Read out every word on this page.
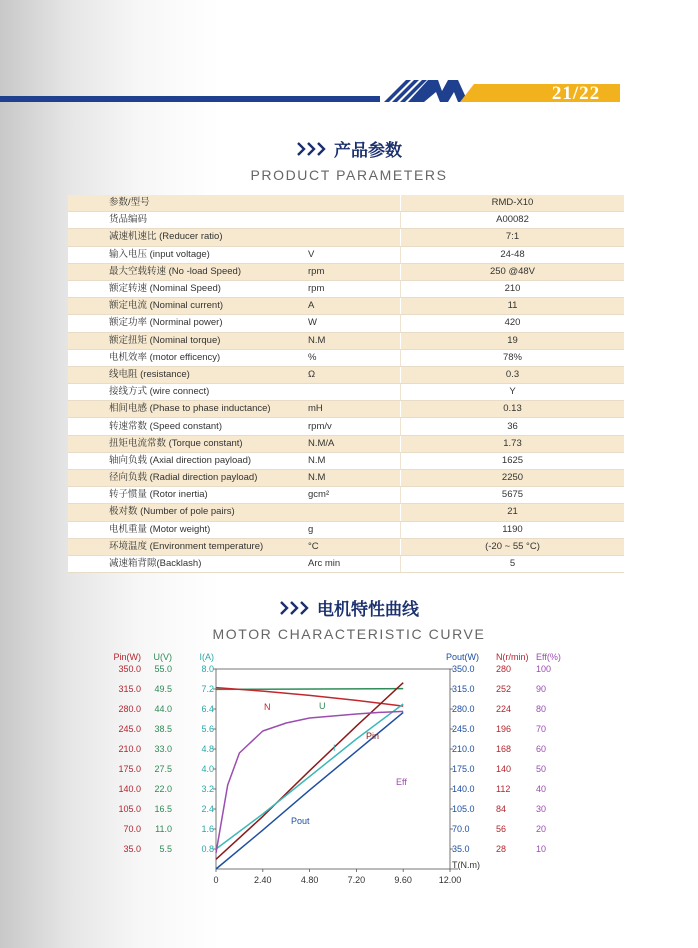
21/22
产品参数
PRODUCT PARAMETERS
参数/型号		RMD-X10
货品编码		A00082
减速机速比 (Reducer ratio)		7:1
输入电压 (input voltage)	V	24-48
最大空载转速 (No -load Speed)	rpm	250 @48V
额定转速 (Nominal Speed)	rpm	210
额定电流 (Nominal current)	A	11
额定功率 (Norminal power)	W	420
额定扭矩 (Nominal torque)	N.M	19
电机效率 (motor efficency)	%	78%
线电阻 (resistance)	Ω	0.3
接线方式 (wire connect)		Y
相间电感 (Phase to phase inductance)	mH	0.13
转速常数 (Speed constant)	rpm/v	36
扭矩电流常数 (Torque constant)	N.M/A	1.73
轴向负载 (Axial direction payload)	N.M	1625
径向负载 (Radial direction payload)	N.M	2250
转子惯量 (Rotor inertia)	gcm²	5675
极对数 (Number of pole pairs)		21
电机重量 (Motor weight)	g	1190
环境温度 (Environment temperature)	°C	(-20 ~ 55 °C)
减速箱背隙(Backlash)	Arc min	5
电机特性曲线
MOTOR CHARACTERISTIC CURVE
Pin(W)
350.0
315.0
280.0
245.0
210.0
175.0
140.0
105.0
70.0
35.0
U(V)
55.0
49.5
44.0
38.5
33.0
27.5
22.0
16.5
11.0
5.5
I(A)
8.0
7.2
6.4
5.6
4.8
4.0
3.2
2.4
1.6
0.8
Pout(W)
350.0
315.0
280.0
245.0
210.0
175.0
140.0
105.0
70.0
35.0
N(r/min)
280
252
224
196
168
140
112
84
56
28
Eff(%)
100
90
80
70
60
50
40
30
20
10
0	2.40	4.80	7.20	9.60	12.00
T(N.m)
U
N
Pin
I
Pout
Eff
